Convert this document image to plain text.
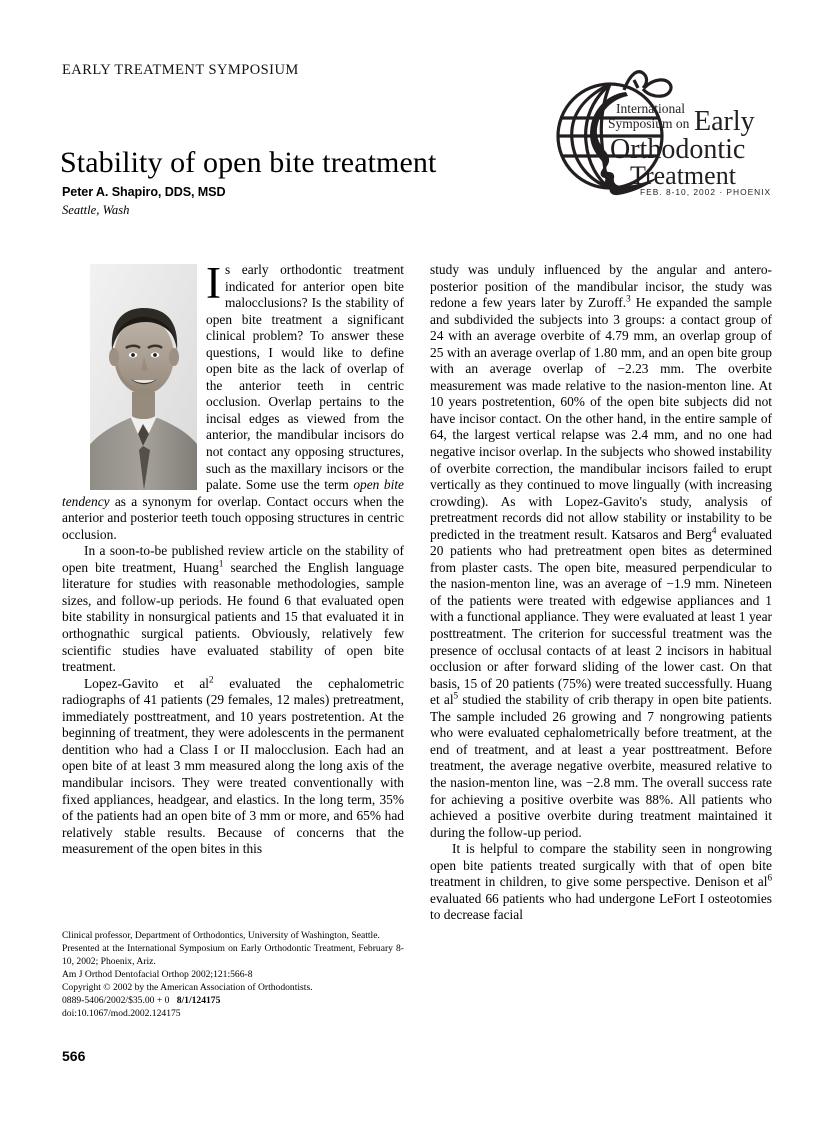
EARLY TREATMENT SYMPOSIUM
Stability of open bite treatment
Peter A. Shapiro, DDS, MSD
Seattle, Wash
International
Symposium on Early
Orthodontic
Treatment
FEB. 8-10, 2002 · PHOENIX

Is early orthodontic treatment indicated for anterior open bite malocclusions? Is the stability of open bite treatment a significant clinical problem? To answer these questions, I would like to define open bite as the lack of overlap of the anterior teeth in centric occlusion. Overlap pertains to the incisal edges as viewed from the anterior, the mandibular incisors do not contact any opposing structures, such as the maxillary incisors or the palate. Some use the term open bite tendency as a synonym for overlap. Contact occurs when the anterior and posterior teeth touch opposing structures in centric occlusion.

In a soon-to-be published review article on the stability of open bite treatment, Huang$^1$ searched the English language literature for studies with reasonable methodologies, sample sizes, and follow-up periods. He found 6 that evaluated open bite stability in nonsurgical patients and 15 that evaluated it in orthognathic surgical patients. Obviously, relatively few scientific studies have evaluated stability of open bite treatment.

Lopez-Gavito et $al^2$ evaluated the cephalometric radiographs of 41 patients (29 females, 12 males) pretreatment, immediately posttreatment, and 10 years postretention. At the beginning of treatment, they were adolescents in the permanent dentition who had a Class I or II malocclusion. Each had an open bite of at least 3 mm measured along the long axis of the mandibular incisors. They were treated conventionally with fixed appliances, headgear, and elastics. In the long term, 35% of the patients had an open bite of 3 mm or more, and 65% had relatively stable results. Because of concerns that the measurement of the open bites in this

study was unduly influenced by the angular and antero-posterior position of the mandibular incisor, the study was redone a few years later by Zuroff.$^3$ He expanded the sample and subdivided the subjects into 3 groups: a contact group of 24 with an average overbite of 4.79 mm, an overlap group of 25 with an average overlap of 1.80 mm, and an open bite group with an average overlap of −2.23 mm. The overbite measurement was made relative to the nasion-menton line. At 10 years postretention, 60% of the open bite subjects did not have incisor contact. On the other hand, in the entire sample of 64, the largest vertical relapse was 2.4 mm, and no one had negative incisor overlap. In the subjects who showed instability of overbite correction, the mandibular incisors failed to erupt vertically as they continued to move lingually (with increasing crowding). As with Lopez-Gavito's study, analysis of pretreatment records did not allow stability or instability to be predicted in the treatment result. Katsaros and Berg$^4$ evaluated 20 patients who had pretreatment open bites as determined from plaster casts. The open bite, measured perpendicular to the nasion-menton line, was an average of −1.9 mm. Nineteen of the patients were treated with edgewise appliances and 1 with a functional appliance. They were evaluated at least 1 year posttreatment. The criterion for successful treatment was the presence of occlusal contacts of at least 2 incisors in habitual occlusion or after forward sliding of the lower cast. On that basis, 15 of 20 patients (75%) were treated successfully. Huang et $al^5$ studied the stability of crib therapy in open bite patients. The sample included 26 growing and 7 nongrowing patients who were evaluated cephalometrically before treatment, at the end of treatment, and at least a year posttreatment. Before treatment, the average negative overbite, measured relative to the nasion-menton line, was −2.8 mm. The overall success rate for achieving a positive overbite was 88%. All patients who achieved a positive overbite during treatment maintained it during the follow-up period.

It is helpful to compare the stability seen in nongrowing open bite patients treated surgically with that of open bite treatment in children, to give some perspective. Denison et $al^6$ evaluated 66 patients who had undergone LeFort I osteotomies to decrease facial

Clinical professor, Department of Orthodontics, University of Washington, Seattle.

Presented at the International Symposium on Early Orthodontic Treatment, February 8-10, 2002; Phoenix, Ariz.

Am J Orthod Dentofacial Orthop 2002;121:566-8

Copyright © 2002 by the American Association of Orthodontists.

0889-5406/2002/$35.00 + 0 8/1/124175

doi:10.1067/mod.2002.124175

566
